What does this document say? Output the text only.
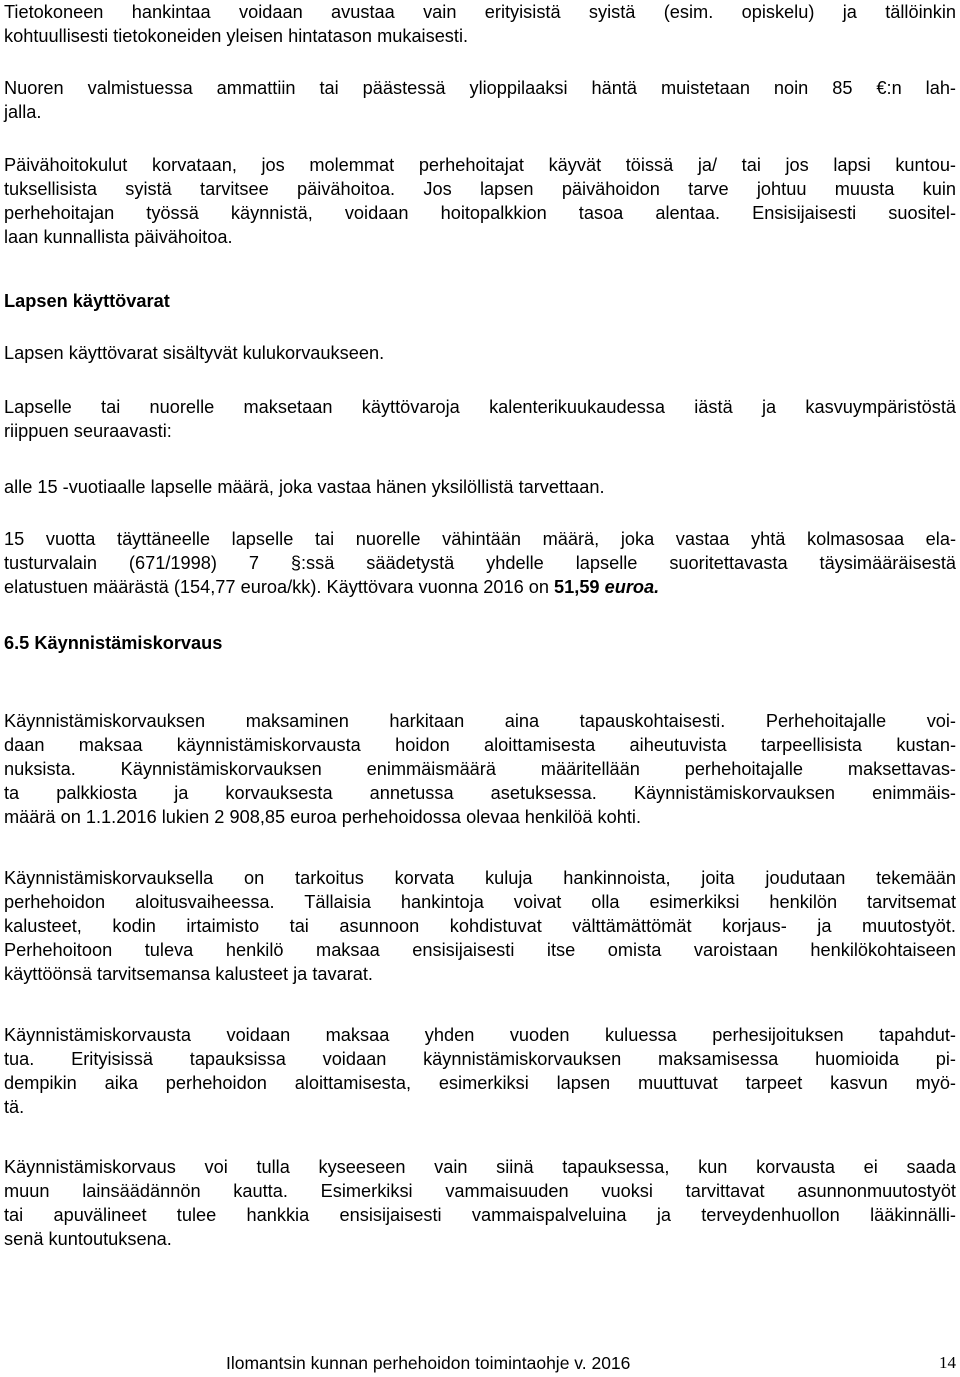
Tietokoneen hankintaa voidaan avustaa vain erityisistä syistä (esim. opiskelu) ja tällöinkin
kohtuullisesti tietokoneiden yleisen hintatason mukaisesti.

Nuoren valmistuessa ammattiin tai päästessä ylioppilaaksi häntä muistetaan noin 85 €:n lah-
jalla.

Päivähoitokulut korvataan, jos molemmat perhehoitajat käyvät töissä ja/ tai jos lapsi kuntou-
tuksellisista syistä tarvitsee päivähoitoa. Jos lapsen päivähoidon tarve johtuu muusta kuin
perhehoitajan työssä käynnistä, voidaan hoitopalkkion tasoa alentaa. Ensisijaisesti suositel-
laan kunnallista päivähoitoa.

Lapsen käyttövarat

Lapsen käyttövarat sisältyvät kulukorvaukseen.

Lapselle tai nuorelle maksetaan käyttövaroja kalenterikuukaudessa iästä ja kasvuympäristöstä
riippuen seuraavasti:

alle 15 -vuotiaalle lapselle määrä, joka vastaa hänen yksilöllistä tarvettaan.

15 vuotta täyttäneelle lapselle tai nuorelle vähintään määrä, joka vastaa yhtä kolmasosaa ela-
tusturvalain (671/1998) 7 §:ssä säädetystä yhdelle lapselle suoritettavasta täysimääräisestä
elatustuen määrästä (154,77 euroa/kk). Käyttövara vuonna 2016 on 51,59 euroa.

6.5 Käynnistämiskorvaus

Käynnistämiskorvauksen maksaminen harkitaan aina tapauskohtaisesti. Perhehoitajalle voi-
daan maksaa käynnistämiskorvausta hoidon aloittamisesta aiheutuvista tarpeellisista kustan-
nuksista. Käynnistämiskorvauksen enimmäismäärä määritellään perhehoitajalle maksettavas-
ta palkkiosta ja korvauksesta annetussa asetuksessa. Käynnistämiskorvauksen enimmäis-
määrä on 1.1.2016 lukien 2 908,85 euroa perhehoidossa olevaa henkilöä kohti.

Käynnistämiskorvauksella on tarkoitus korvata kuluja hankinnoista, joita joudutaan tekemään
perhehoidon aloitusvaiheessa. Tällaisia hankintoja voivat olla esimerkiksi henkilön tarvitsemat
kalusteet, kodin irtaimisto tai asunnoon kohdistuvat välttämättömät korjaus- ja muutostyöt.
Perhehoitoon tuleva henkilö maksaa ensisijaisesti itse omista varoistaan henkilökohtaiseen
käyttöönsä tarvitsemansa kalusteet ja tavarat.

Käynnistämiskorvausta voidaan maksaa yhden vuoden kuluessa perhesijoituksen tapahdut-
tua. Erityisissä tapauksissa voidaan käynnistämiskorvauksen maksamisessa huomioida pi-
dempikin aika perhehoidon aloittamisesta, esimerkiksi lapsen muuttuvat tarpeet kasvun myö-
tä.

Käynnistämiskorvaus voi tulla kyseeseen vain siinä tapauksessa, kun korvausta ei saada
muun lainsäädännön kautta. Esimerkiksi vammaisuuden vuoksi tarvittavat asunnonmuutostyöt
tai apuvälineet tulee hankkia ensisijaisesti vammaispalveluina ja terveydenhuollon lääkinnälli-
senä kuntoutuksena.

Ilomantsin kunnan perhehoidon toimintaohje v. 2016	14
